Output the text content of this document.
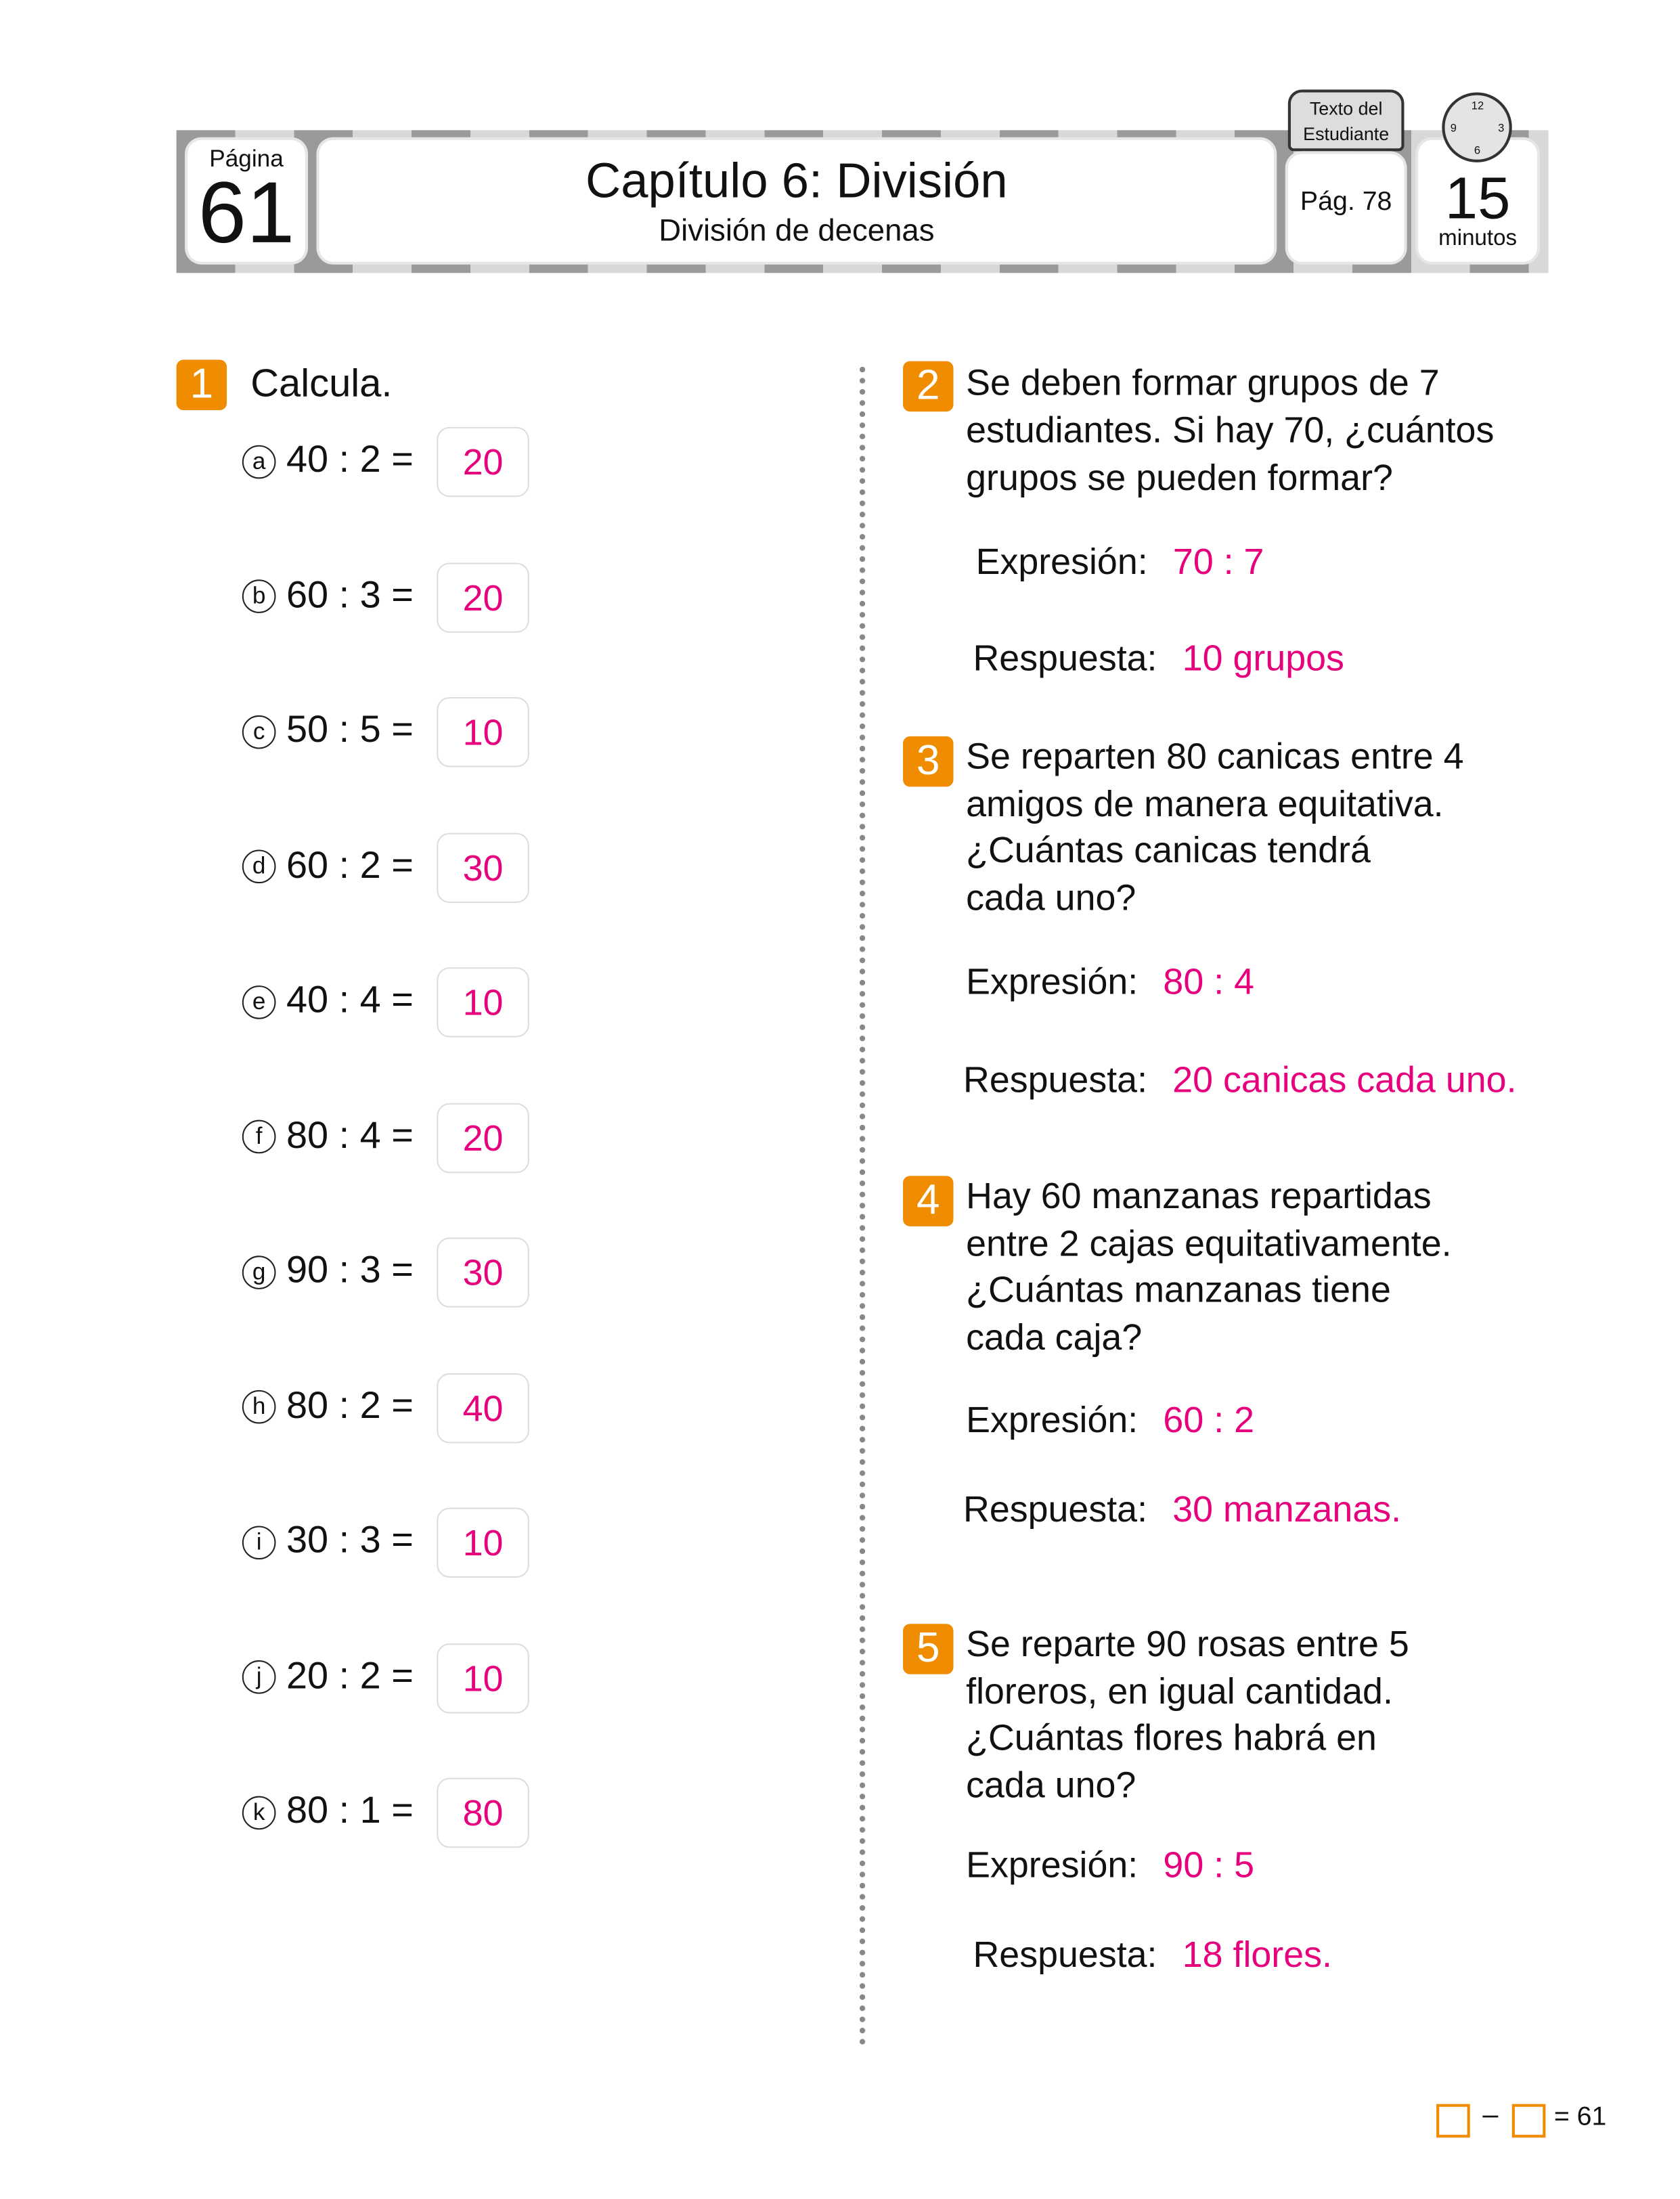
Página
61	Capítulo 6: División
División de decenas
Texto del Estudiante
Pág. 78	15
minutos
12
3
6
9
1	Calcula.
a 40 : 2 =	20
b 60 : 3 =	20
c 50 : 5 =	10
d 60 : 2 =	30
e 40 : 4 =	10
f 80 : 4 =	20
g 90 : 3 =	30
h 80 : 2 =	40
i 30 : 3 =	10
j 20 : 2 =	10
k 80 : 1 =	80
2	Se deben formar grupos de 7
estudiantes. Si hay 70, ¿cuántos
grupos se pueden formar?
Expresión: 70 : 7
Respuesta: 10 grupos
3	Se reparten 80 canicas entre 4
amigos de manera equitativa.
¿Cuántas canicas tendrá
cada uno?
Expresión: 80 : 4
Respuesta: 20 canicas cada uno.
4	Hay 60 manzanas repartidas
entre 2 cajas equitativamente.
¿Cuántas manzanas tiene
cada caja?
Expresión: 60 : 2
Respuesta: 30 manzanas.
5	Se reparte 90 rosas entre 5
floreros, en igual cantidad.
¿Cuántas flores habrá en
cada uno?
Expresión: 90 : 5
Respuesta: 18 flores.
–	= 61
